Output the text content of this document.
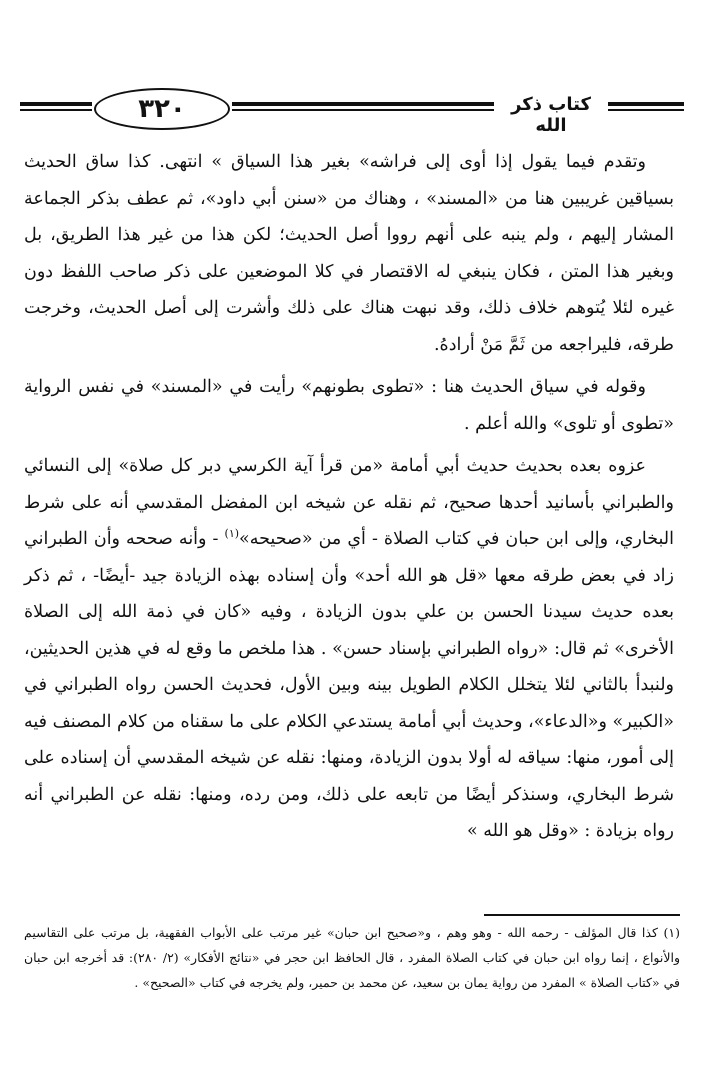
٣٢٠	كتاب ذكر الله

وتقدم فيما يقول إذا أوى إلى فراشه» بغير هذا السياق » انتهى. كذا ساق الحديث بسياقين غريبين هنا من «المسند» ، وهناك من «سنن أبي داود»، ثم عطف بذكر الجماعة المشار إليهم ، ولم ينبه على أنهم رووا أصل الحديث؛ لكن هذا من غير هذا الطريق، بل وبغير هذا المتن ، فكان ينبغي له الاقتصار في كلا الموضعين على ذكر صاحب اللفظ دون غيره لئلا يُتوهم خلاف ذلك، وقد نبهت هناك على ذلك وأشرت إلى أصل الحديث، وخرجت طرقه، فليراجعه من ثَمَّ مَنْ أرادهُ.

وقوله في سياق الحديث هنا : «تطوى بطونهم» رأيت في «المسند» في نفس الرواية «تطوى أو تلوى» والله أعلم .

عزوه بعده بحديث حديث أبي أمامة «من قرأ آية الكرسي دبر كل صلاة» إلى النسائي والطبراني بأسانيد أحدها صحيح، ثم نقله عن شيخه ابن المفضل المقدسي أنه على شرط البخاري، وإلى ابن حبان في كتاب الصلاة - أي من «صحيحه»$^{(١)}$ - وأنه صححه وأن الطبراني زاد في بعض طرقه معها «قل هو الله أحد» وأن إسناده بهذه الزيادة جيد -أيضًا- ، ثم ذكر بعده حديث سيدنا الحسن بن علي بدون الزيادة ، وفيه «كان في ذمة الله إلى الصلاة الأخرى» ثم قال: «رواه الطبراني بإسناد حسن» . هذا ملخص ما وقع له في هذين الحديثين، ولنبدأ بالثاني لئلا يتخلل الكلام الطويل بينه وبين الأول، فحديث الحسن رواه الطبراني في «الكبير» و«الدعاء»، وحديث أبي أمامة يستدعي الكلام على ما سقناه من كلام المصنف فيه إلى أمور، منها: سياقه له أولا بدون الزيادة، ومنها: نقله عن شيخه المقدسي أن إسناده على شرط البخاري، وسنذكر أيضًا من تابعه على ذلك، ومن رده، ومنها: نقله عن الطبراني أنه رواه بزيادة : «وقل هو الله »

(١) كذا قال المؤلف - رحمه الله - وهو وهم ، و«صحيح ابن حبان» غير مرتب على الأبواب الفقهية، بل مرتب على التقاسيم والأنواع ، إنما رواه ابن حبان في كتاب الصلاة المفرد ، قال الحافظ ابن حجر في «نتائج الأفكار» (٢/ ٢٨٠): قد أخرجه ابن حبان في «كتاب الصلاة » المفرد من رواية يمان بن سعيد، عن محمد بن حمير، ولم يخرجه في كتاب «الصحيح» .
